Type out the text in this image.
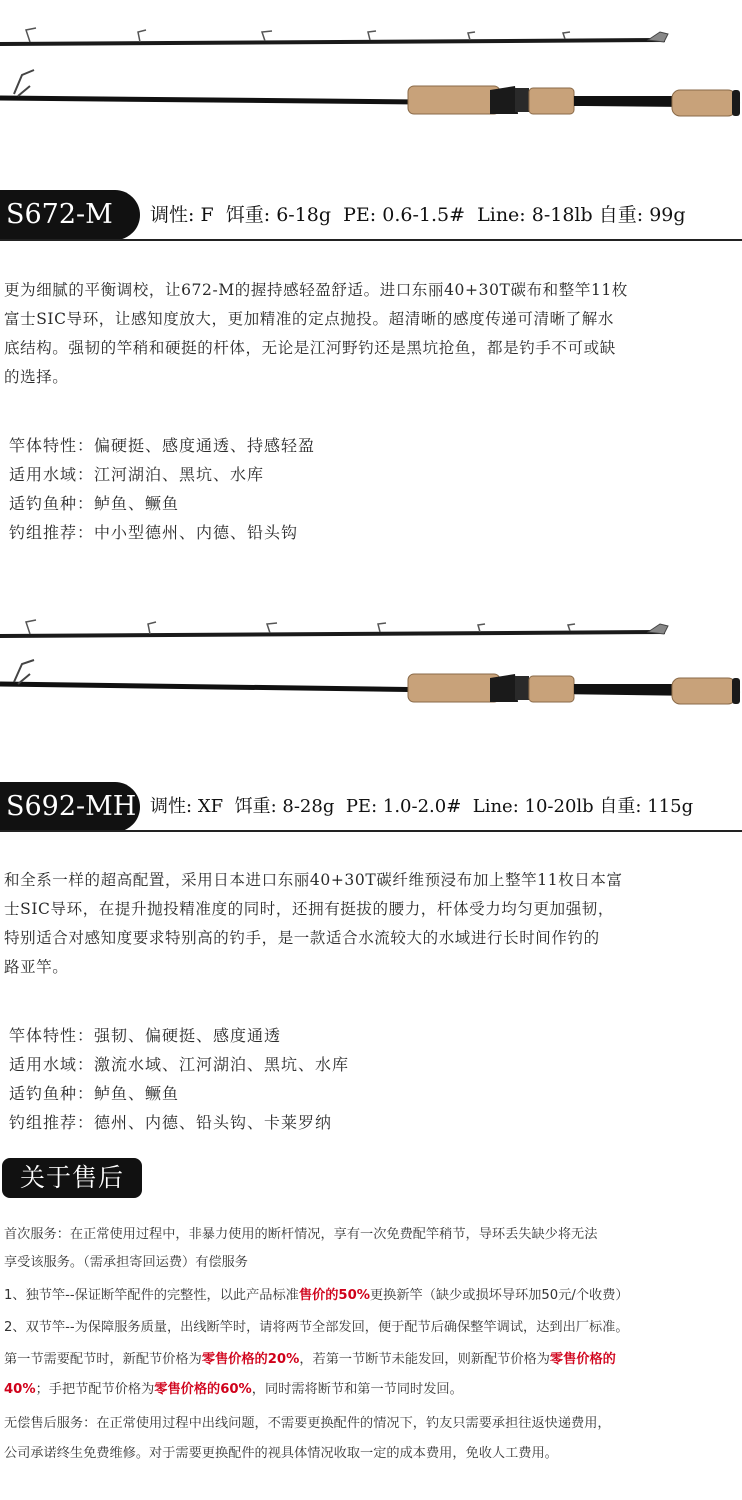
S672-M	调性: F 饵重: 6-18g PE: 0.6-1.5# Line: 8-18lb 自重: 99g

更为细腻的平衡调校，让672-M的握持感轻盈舒适。进口东丽40+30T碳布和整竿11枚

富士SIC导环，让感知度放大，更加精准的定点抛投。超清晰的感度传递可清晰了解水

底结构。强韧的竿稍和硬挺的杆体，无论是江河野钓还是黑坑抢鱼，都是钓手不可或缺

的选择。

竿体特性：偏硬挺、感度通透、持感轻盈
适用水域：江河湖泊、黑坑、水库
适钓鱼种：鲈鱼、鳜鱼
钓组推荐：中小型德州、内德、铅头钩
S692-MH 调性: XF 饵重: 8-28g PE: 1.0-2.0# Line: 10-20lb 自重: 115g

和全系一样的超高配置，采用日本进口东丽40+30T碳纤维预浸布加上整竿11枚日本富

士SIC导环，在提升抛投精准度的同时，还拥有挺拔的腰力，杆体受力均匀更加强韧，

特别适合对感知度要求特别高的钓手，是一款适合水流较大的水域进行长时间作钓的

路亚竿。

竿体特性：强韧、偏硬挺、感度通透
适用水域：激流水域、江河湖泊、黑坑、水库
适钓鱼种：鲈鱼、鳜鱼
钓组推荐：德州、内德、铅头钩、卡莱罗纳
关于售后
首次服务：在正常使用过程中，非暴力使用的断杆情况，享有一次免费配竿稍节，导环丢失缺少将无法
享受该服务。（需承担寄回运费）有偿服务
1、独节竿--保证断竿配件的完整性，以此产品标准售价的50%更换新竿（缺少或损坏导环加50元/个收费）
2、双节竿--为保障服务质量，出线断竿时，请将两节全部发回，便于配节后确保整竿调试，达到出厂标准。
第一节需要配节时，新配节价格为零售价格的20%，若第一节断节未能发回，则新配节价格为零售价格的
40%；手把节配节价格为零售价格的60%，同时需将断节和第一节同时发回。
无偿售后服务：在正常使用过程中出线问题，不需要更换配件的情况下，钓友只需要承担往返快递费用，
公司承诺终生免费维修。对于需要更换配件的视具体情况收取一定的成本费用，免收人工费用。
